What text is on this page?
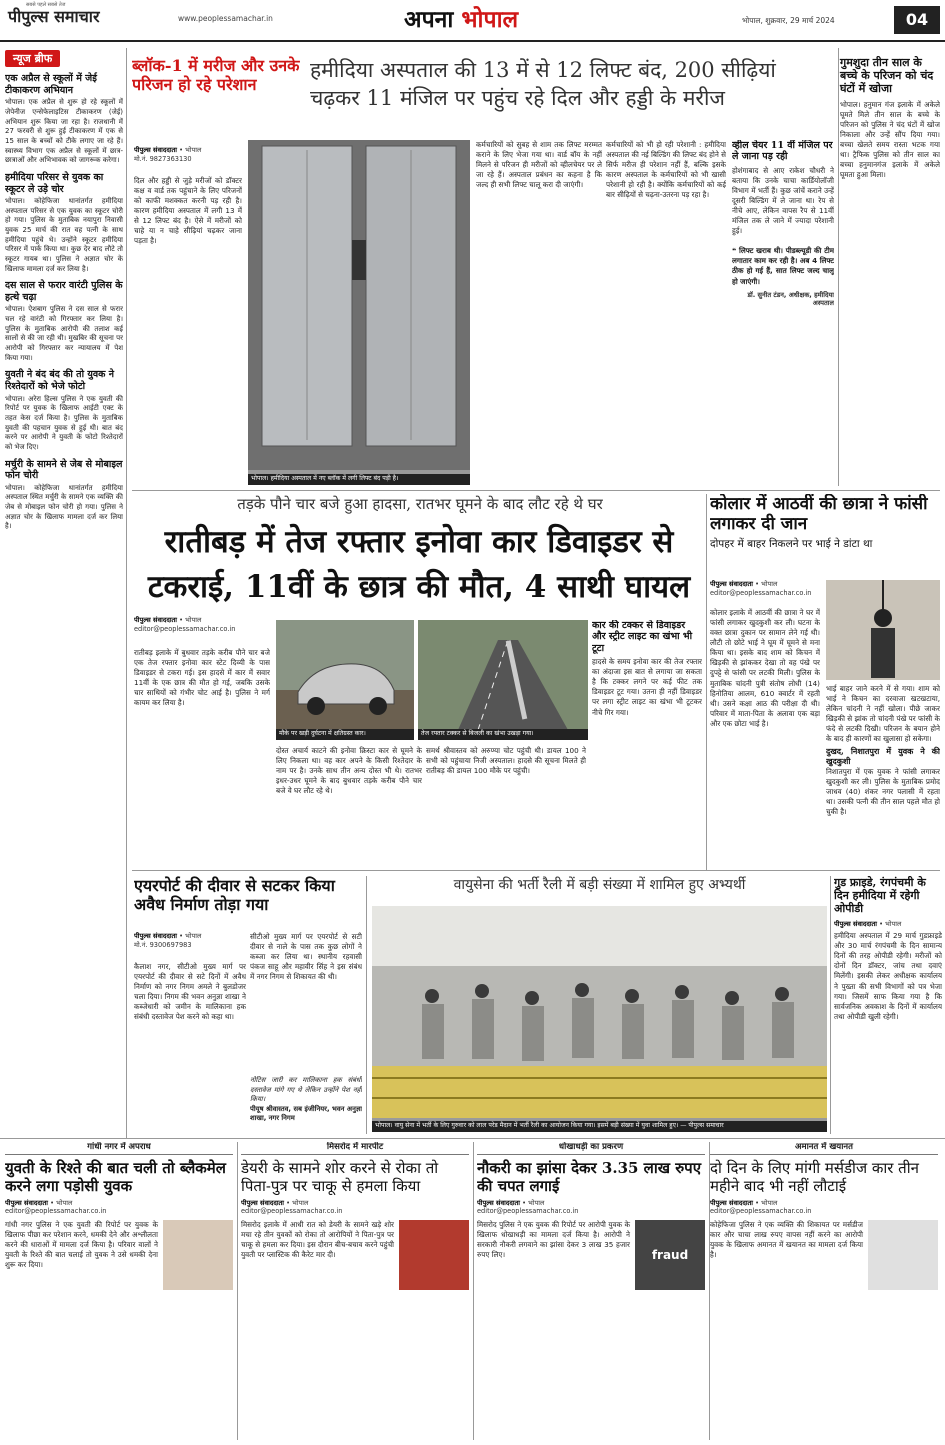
सबसे पहले सबसे तेज
पीपुल्स समाचार	www.peoplessamachar.in	अपना भोपाल	भोपाल, शुक्रवार, 29 मार्च 2024	04
न्यूज ब्रीफ
एक अप्रैल से स्कूलों में जेई टीकाकरण अभियान
भोपाल। एक अप्रैल से शुरू हो रहे स्कूलों में जेपेनीज एन्सेफेलाइटिस टीकाकरण (जेई) अभियान शुरू किया जा रहा है। राजधानी में 27 फरवरी से शुरू हुई टीकाकरण में एक से 15 साल के बच्चों को टीके लगाए जा रहे हैं। स्वास्थ्य विभाग एक अप्रैल से स्कूलों में छात्र-छात्राओं और अभिभावक को जागरूक करेगा।
हमीदिया परिसर से युवक का स्कूटर ले उड़े चोर
भोपाल। कोहेफिजा थानांतर्गत हमीदिया अस्पताल परिसर से एक युवक का स्कूटर चोरी हो गया। पुलिस के मुताबिक नयापुरा निवासी युवक 25 मार्च की रात वह पत्नी के साथ हमीदिया पहुंचे थे। उन्होंने स्कूटर हमीदिया परिसर में पार्क किया था। कुछ देर बाद लौटे तो स्कूटर गायब था। पुलिस ने अज्ञात चोर के खिलाफ मामला दर्ज कर लिया है।
दस साल से फरार वारंटी पुलिस के हत्थे चढ़ा
भोपाल। ऐशबाग पुलिस ने दस साल से फरार चल रहे वारंटी को गिरफ्तार कर लिया है। पुलिस के मुताबिक आरोपी की तलाश कई सालों से की जा रही थी। मुखबिर की सूचना पर आरोपी को गिरफ्तार कर न्यायालय में पेश किया गया।
युवती ने बंद बंद की तो युवक ने रिश्तेदारों को भेजे फोटो
भोपाल। अरेरा हिल्स पुलिस ने एक युवती की रिपोर्ट पर युवक के खिलाफ आईटी एक्ट के तहत केस दर्ज किया है। पुलिस के मुताबिक युवती की पहचान युवक से हुई थी। बात बंद करने पर आरोपी ने युवती के फोटो रिश्तेदारों को भेज दिए।
मर्चुरी के सामने से जेब से मोबाइल फोन चोरी
भोपाल। कोहेफिजा थानांतर्गत हमीदिया अस्पताल स्थित मर्चुरी के सामने एक व्यक्ति की जेब से मोबाइल फोन चोरी हो गया। पुलिस ने अज्ञात चोर के खिलाफ मामला दर्ज कर लिया है।
ब्लॉक-1 में मरीज और उनके परिजन हो रहे परेशान
हमीदिया अस्पताल की 13 में से 12 लिफ्ट बंद, 200 सीढ़ियां चढ़कर 11 मंजिल पर पहुंच रहे दिल और हड्डी के मरीज
पीपुल्स संवाददाता • भोपाल
मो.नं. 9827363130
दिल और हड्डी से जुड़े मरीजों को डॉक्टर कक्ष व वार्ड तक पहुंचाने के लिए परिजनों को काफी मशक्कत करनी पड़ रही है। कारण हमीदिया अस्पताल में लगी 13 में से 12 लिफ्ट बंद है। ऐसे में मरीजों को चाहे या न चाहे सीढ़ियां चढ़कर जाना पड़ता है।
भोपाल। हमीदिया अस्पताल में नए ब्लॉक में लगी लिफ्ट बंद पड़ी है।
कर्मचारियों को सुबह से शाम तक लिफ्ट मरम्मत कराने के लिए भेजा गया था। वार्ड बॉय के नहीं मिलने से परिजन ही मरीजों को व्हीलचेयर पर ले जा रहे हैं। अस्पताल प्रबंधन का कहना है कि जल्द ही सभी लिफ्ट चालू करा दी जाएंगी।
कर्मचारियों को भी हो रही परेशानी : हमीदिया अस्पताल की नई बिल्डिंग की लिफ्ट बंद होने से सिर्फ मरीज ही परेशान नहीं हैं, बल्कि इसके कारण अस्पताल के कर्मचारियों को भी खासी परेशानी हो रही है। क्योंकि कर्मचारियों को कई बार सीढ़ियों से चढ़ना-उतरना पड़ रहा है।
व्हील चेयर 11 वीं मंजिल पर ले जाना पड़ रही
होशंगाबाद से आए राकेश चौधरी ने बताया कि उनके चाचा कार्डियोलॉजी विभाग में भर्ती हैं। कुछ जांचें कराने उन्हें दूसरी बिल्डिंग में ले जाना था। रेप से नीचे आए, लेकिन वापस रैप से 11वीं मंजिल तक ले जाने में ज्यादा परेशानी हुई।
❝ लिफ्ट खराब थी। पीडब्ल्यूडी की टीम लगातार काम कर रही है। अब 4 लिफ्ट ठीक हो गई हैं, सात लिफ्ट जल्द चालू हो जाएंगी।
डॉ. सुनीत टंडन, अधीक्षक, हमीदिया अस्पताल
गुमशुदा तीन साल के बच्चे के परिजन को चंद घंटों में खोजा
भोपाल। हनुमान गंज इलाके में अकेले घूमते मिले तीन साल के बच्चे के परिजन को पुलिस ने चंद घंटों में खोज निकाला और उन्हें सौंप दिया गया। बच्चा खेलते समय रास्ता भटक गया था। ट्रैफिक पुलिस को तीन साल का बच्चा हनुमानगंज इलाके में अकेले घूमता हुआ मिला।
तड़के पौने चार बजे हुआ हादसा, रातभर घूमने के बाद लौट रहे थे घर
रातीबड़ में तेज रफ्तार इनोवा कार डिवाइडर से टकराई, 11वीं के छात्र की मौत, 4 साथी घायल
पीपुल्स संवाददाता • भोपाल
editor@peoplessamachar.co.in
रातीबड़ इलाके में बुधवार तड़के करीब पौने चार बजे एक तेज रफ्तार इनोवा कार स्टेट दिव्यी के पास डिवाइडर से टकरा गई। इस हादसे में कार में सवार 11वीं के एक छात्र की मौत हो गई, जबकि उसके चार साथियों को गंभीर चोट आई है। पुलिस ने मर्ग कायम कर लिया है।
मौके पर खड़ी दुर्घटना में क्षतिग्रस्त कार।	तेज रफ्तार टक्कर से बिजली का खंभा उखड़ा गया।
कार की टक्कर से डिवाइडर और स्ट्रीट लाइट का खंभा भी टूटा
हादसे के समय इनोवा कार की तेज रफ्तार का अंदाजा इस बात से लगाया जा सकता है कि टक्कर लगने पर कई फीट तक डिवाइडर टूट गया। उतना ही नहीं डिवाइडर पर लगा स्ट्रीट लाइट का खंभा भी टूटकर नीचे गिर गया।
दोस्त अचार्य काटने की इनोवा क्रिस्टा कार से घूमने के लिए निकला था। वह कार अपने के किसी रिश्तेदार के नाम पर है। उनके साथ तीन अन्य दोस्त भी थे। रातभर इधर-उधर घूमने के बाद बुधवार तड़के करीब पौने चार बजे वे घर लौट रहे थे।
समर्थ श्रीवास्तव को अरुण्या चोट पहुंची थी। डायल 100 ने सभी को पहुंचाया निजी अस्पताल। हादसे की सूचना मिलते ही रातीबड़ की डायल 100 मौके पर पहुंची।
कोलार में आठवीं की छात्रा ने फांसी लगाकर दी जान
दोपहर में बाहर निकलने पर भाई ने डांटा था
पीपुल्स संवाददाता • भोपाल
editor@peoplessamachar.co.in
कोलार इलाके में आठवीं की छात्रा ने घर में फांसी लगाकर खुदकुशी कर ली। घटना के वक्त छात्रा दुकान पर सामान लेने गई थी। लौटी तो छोटे भाई ने घूम में घूमने से मना किया था। इसके बाद शाम को किचन में खिड़की से झांककर देखा तो वह पंखे पर दुपट्टे से फांसी पर लटकी मिली। पुलिस के मुताबिक चांदनी पुत्री संतोष लोधी (14) हिनोतिया आलम, 610 क्वार्टर में रहती थी। उसने कक्षा आठ की परीक्षा दी थी। परिवार में माता-पिता के अलावा एक बड़ा और एक छोटा भाई है।
भाई बाहर जाने करने में से गया। शाम को भाई ने किचन का दरवाजा खटखटाया, लेकिन चांदनी ने नहीं खोला। पीछे जाकर खिड़की से झांक तो चांदनी पंखे पर फांसी के फंदे से लटकी दिखी। परिजन के बयान होने के बाद ही कारणों का खुलासा हो सकेगा।
दुखद, निशातपुरा में युवक ने की खुदकुशी
निशातपुरा में एक युवक ने फांसी लगाकर खुदकुशी कर ली। पुलिस के मुताबिक प्रमोद जाधव (40) शंकर नगर पलासी में रहता था। उसकी पत्नी की तीन साल पहले मौत हो चुकी है।
एयरपोर्ट की दीवार से सटकर किया अवैध निर्माण तोड़ा गया
पीपुल्स संवाददाता • भोपाल
मो.नं. 9300697983
कैलाश नगर, सीटीओ मुख्य मार्ग पर एयरपोर्ट की दीवार से सटे दिनों में अवैध निर्माण को नगर निगम अमले ने बुलडोजर चला दिया। निगम की भवन अनुज्ञा शाखा ने कब्जेधारी को जमीन के मालिकाना हक संबंधी दस्तावेज पेश करने को कहा था।
सीटीओ मुख्य मार्ग पर एयरपोर्ट से सटी दीवार से नाले के पास तक कुछ लोगों ने कब्जा कर लिया था। स्थानीय रहवासी पंकज साहू और महावीर सिंह ने इस संबंध में नगर निगम से शिकायत की थी।
नोटिस जारी कर मालिकाना हक संबंधी दस्तावेज मांगे गए थे लेकिन उन्होंने पेश नहीं किया।
पीयूष श्रीवास्तव, सब इंजीनियर, भवन अनुज्ञा शाखा, नगर निगम
वायुसेना की भर्ती रैली में बड़ी संख्या में शामिल हुए अभ्यर्थी
भोपाल। वायु सेना में भर्ती के लिए गुरुवार को लाल परेड मैदान में भर्ती रैली का आयोजन किया गया। इसमें बड़ी संख्या में युवा शामिल हुए। — पीपुल्स समाचार
गुड फ्राइडे, रंगपंचमी के दिन हमीदिया में रहेगी ओपीडी
पीपुल्स संवाददाता • भोपाल
हमीदिया अस्पताल में 29 मार्च गुडफ्राइडे और 30 मार्च रंगपंचमी के दिन सामान्य दिनों की तरह ओपीडी रहेगी। मरीजों को दोनों दिन डॉक्टर, जांच तथा दवाएं मिलेंगी। इसकी लेकर अधीक्षक कार्यालय ने पुख्ता की सभी विभागों को पत्र भेजा गया। जिसमें साफ किया गया है कि सार्वजनिक अवकाश के दिनों में कार्यालय तथा ओपीडी खुली रहेगी।
गांधी नगर में अपराध
युवती के रिश्ते की बात चली तो ब्लैकमेल करने लगा पड़ोसी युवक
पीपुल्स संवाददाता • भोपाल
editor@peoplessamachar.co.in
गांधी नगर पुलिस ने एक युवती की रिपोर्ट पर युवक के खिलाफ पीछा कर परेशान करने, धमकी देने और अश्लीलता करने की धाराओं में मामला दर्ज किया है। परिवार वालों ने युवती के रिश्ते की बात चलाई तो युवक ने उसे धमकी देना शुरू कर दिया।
मिसरोद में मारपीट
डेयरी के सामने शोर करने से रोका तो पिता-पुत्र पर चाकू से हमला किया
पीपुल्स संवाददाता • भोपाल
editor@peoplessamachar.co.in
मिसरोद इलाके में आधी रात को डेयरी के सामने खड़े शोर मचा रहे तीन युवकों को रोका तो आरोपियों ने पिता-पुत्र पर चाकू से हमला कर दिया। इस दौरान बीच-बचाव करने पहुंची युवती पर प्लास्टिक की कैरेट मार दी।
धोखाधड़ी का प्रकरण
नौकरी का झांसा देकर 3.35 लाख रुपए की चपत लगाई
पीपुल्स संवाददाता • भोपाल
editor@peoplessamachar.co.in
मिसरोद पुलिस ने एक युवक की रिपोर्ट पर आरोपी युवक के खिलाफ धोखाधड़ी का मामला दर्ज किया है। आरोपी ने सरकारी नौकरी लगवाने का झांसा देकर 3 लाख 35 हजार रुपए लिए।	fraud
अमानत में खयानत
दो दिन के लिए मांगी मर्सडीज कार तीन महीने बाद भी नहीं लौटाई
पीपुल्स संवाददाता • भोपाल
editor@peoplessamachar.co.in
कोहेफिजा पुलिस ने एक व्यक्ति की शिकायत पर मर्सडीज कार और चाचा लाख रुपए वापस नहीं करने का आरोपी युवक के खिलाफ अमानत में खयानत का मामला दर्ज किया है।
